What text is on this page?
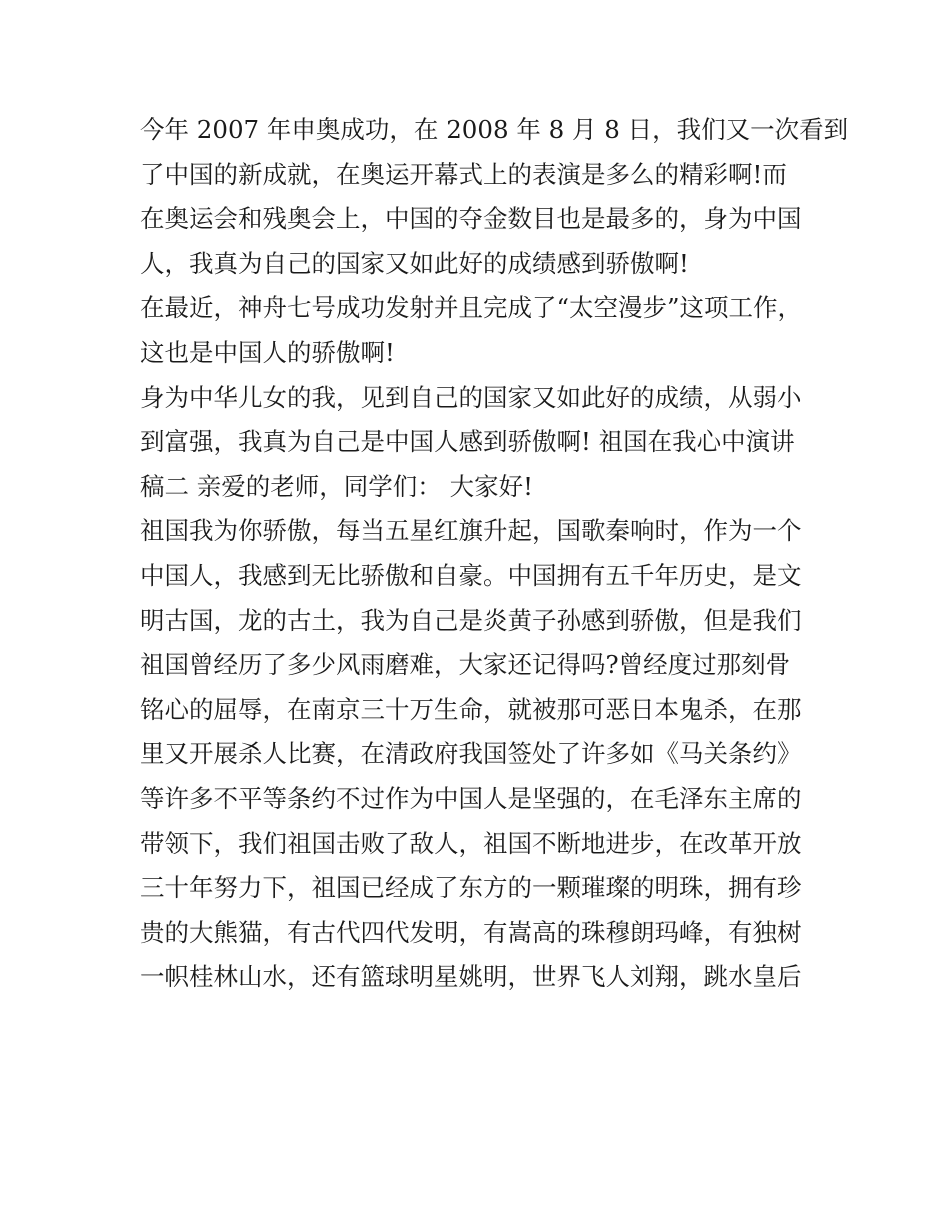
今年 2007 年申奥成功，在 2008 年 8 月 8 日，我们又一次看到
了中国的新成就，在奥运开幕式上的表演是多么的精彩啊!而
在奥运会和残奥会上，中国的夺金数目也是最多的，身为中国
人，我真为自己的国家又如此好的成绩感到骄傲啊!
在最近，神舟七号成功发射并且完成了“太空漫步”这项工作，
这也是中国人的骄傲啊!
身为中华儿女的我，见到自己的国家又如此好的成绩，从弱小
到富强，我真为自己是中国人感到骄傲啊! 祖国在我心中演讲
稿二 亲爱的老师，同学们： 大家好!
祖国我为你骄傲，每当五星红旗升起，国歌秦响时，作为一个
中国人，我感到无比骄傲和自豪。中国拥有五千年历史，是文
明古国，龙的古土，我为自己是炎黄子孙感到骄傲，但是我们
祖国曾经历了多少风雨磨难，大家还记得吗?曾经度过那刻骨
铭心的屈辱，在南京三十万生命，就被那可恶日本鬼杀，在那
里又开展杀人比赛，在清政府我国签处了许多如《马关条约》
等许多不平等条约不过作为中国人是坚强的，在毛泽东主席的
带领下，我们祖国击败了敌人，祖国不断地进步，在改革开放
三十年努力下，祖国已经成了东方的一颗璀璨的明珠，拥有珍
贵的大熊猫，有古代四代发明，有嵩高的珠穆朗玛峰，有独树
一帜桂林山水，还有篮球明星姚明，世界飞人刘翔，跳水皇后
